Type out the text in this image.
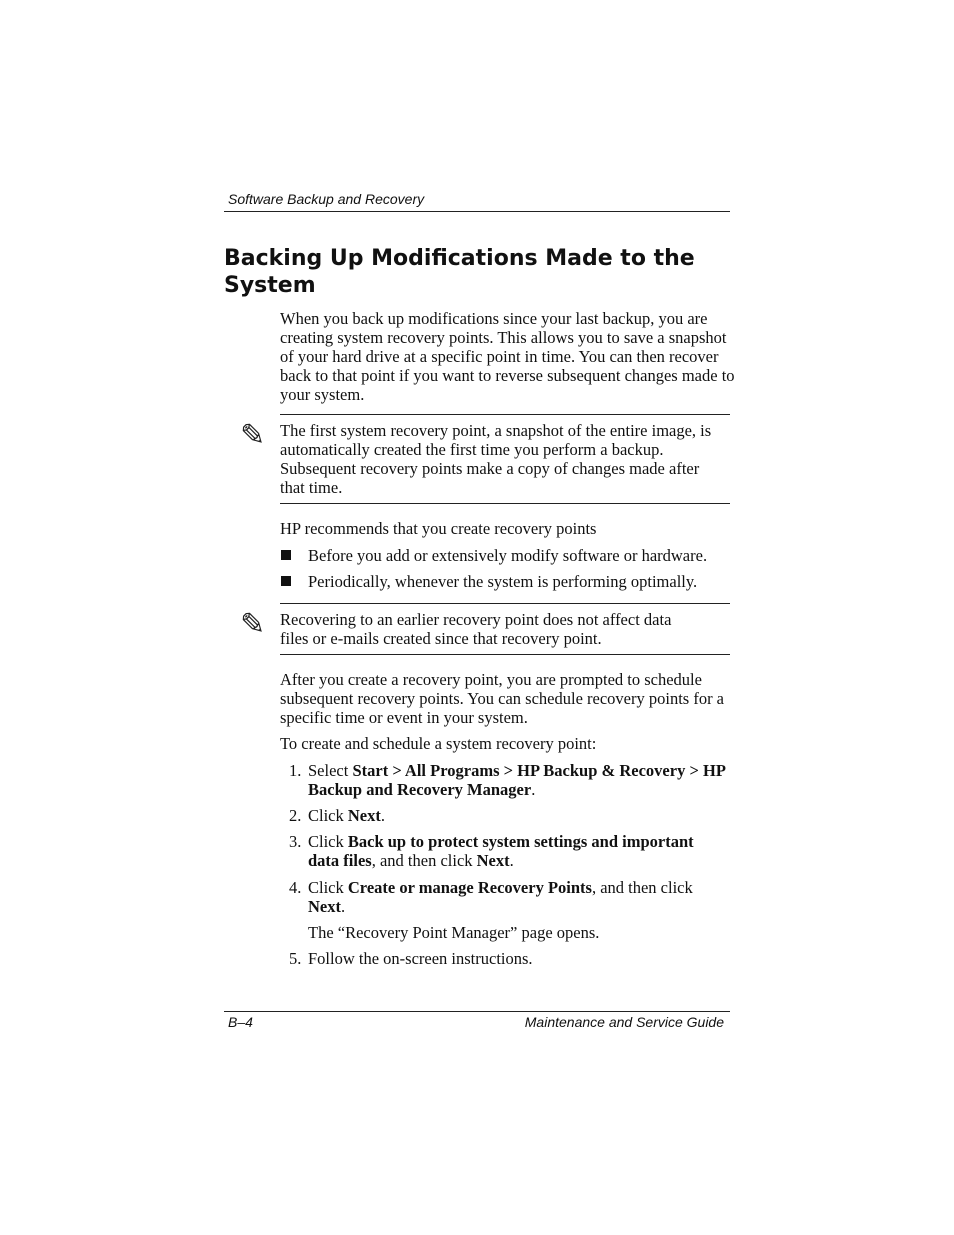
Software Backup and Recovery
Backing Up Modifications Made to the System
When you back up modifications since your last backup, you are creating system recovery points. This allows you to save a snapshot of your hard drive at a specific point in time. You can then recover back to that point if you want to reverse subsequent changes made to your system.
✎ The first system recovery point, a snapshot of the entire image, is automatically created the first time you perform a backup. Subsequent recovery points make a copy of changes made after that time.
HP recommends that you create recovery points
Before you add or extensively modify software or hardware.
Periodically, whenever the system is performing optimally.
✎ Recovering to an earlier recovery point does not affect data files or e-mails created since that recovery point.
After you create a recovery point, you are prompted to schedule subsequent recovery points. You can schedule recovery points for a specific time or event in your system.
To create and schedule a system recovery point:
1. Select Start > All Programs > HP Backup & Recovery > HP Backup and Recovery Manager.
2. Click Next.
3. Click Back up to protect system settings and important data files, and then click Next.
4. Click Create or manage Recovery Points, and then click Next.
The “Recovery Point Manager” page opens.
5. Follow the on-screen instructions.
B–4	Maintenance and Service Guide
